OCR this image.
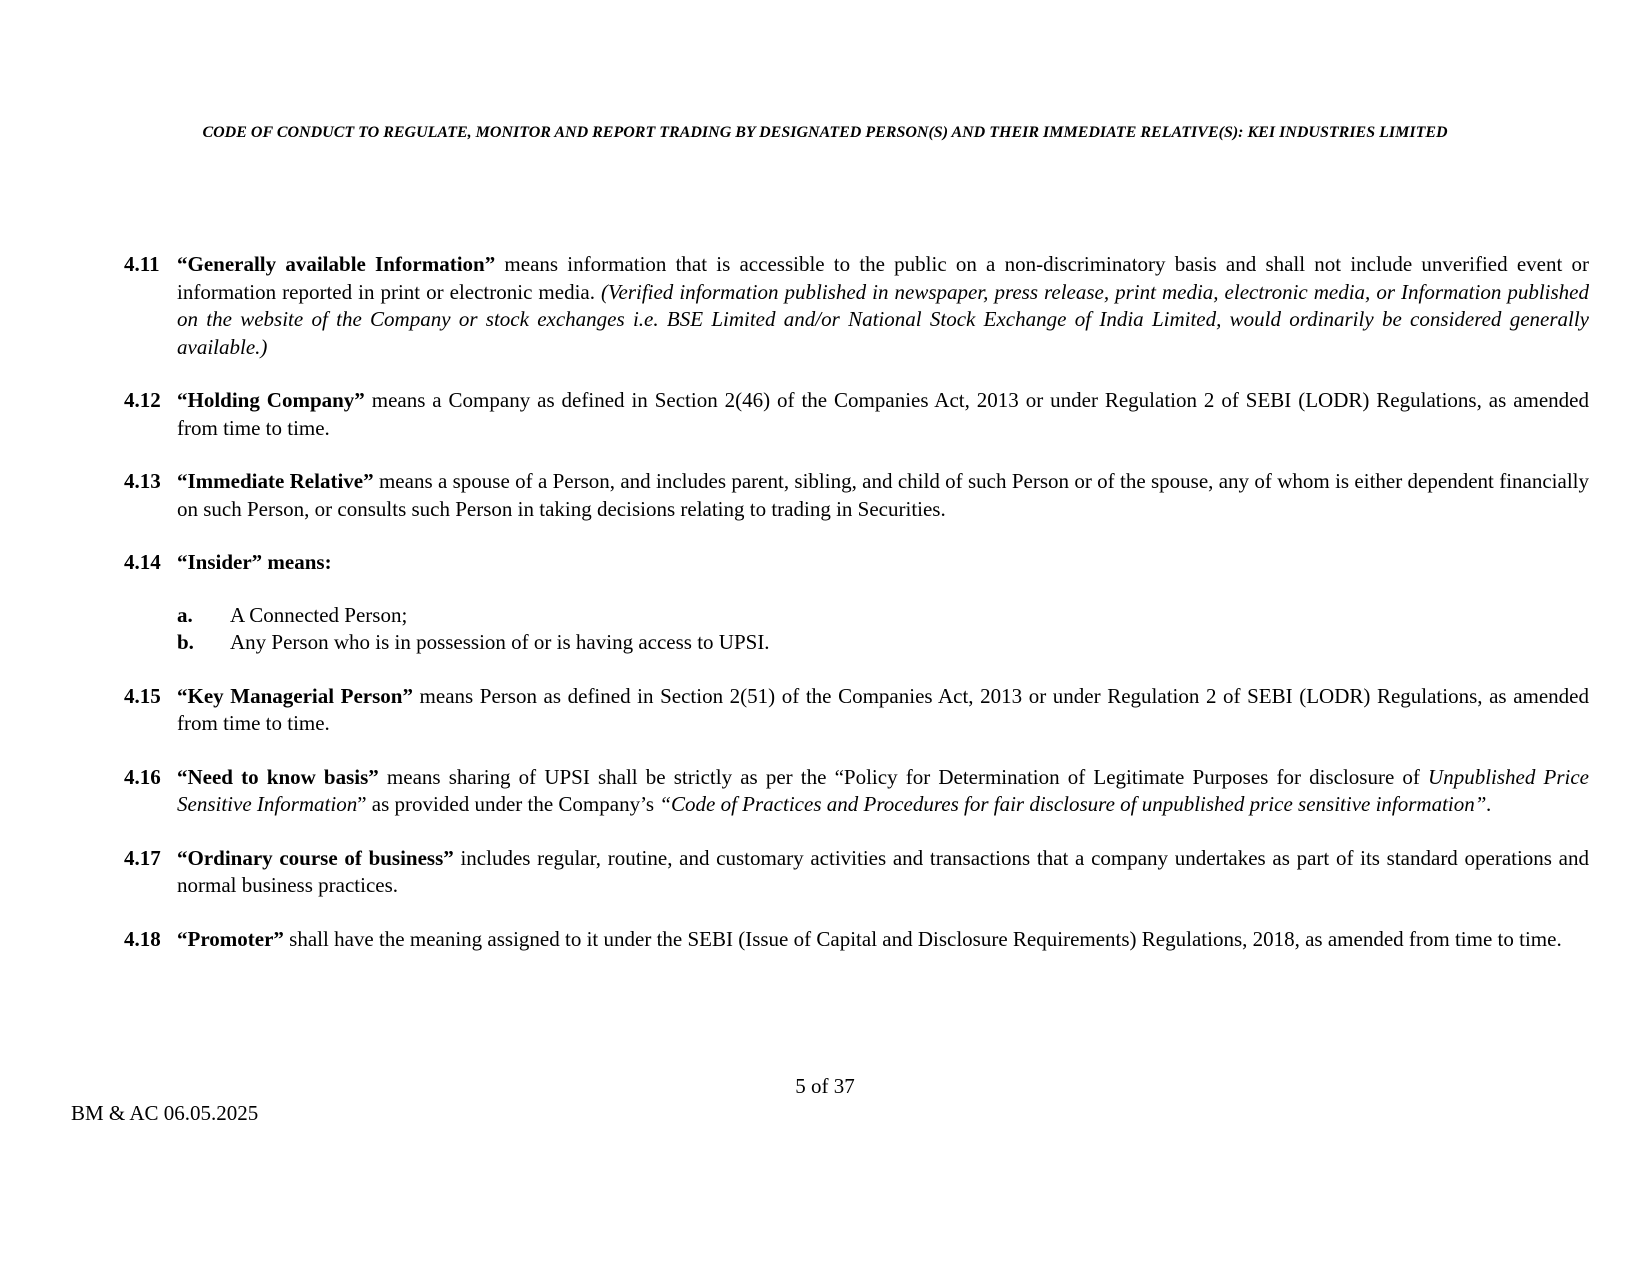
CODE OF CONDUCT TO REGULATE, MONITOR AND REPORT TRADING BY DESIGNATED PERSON(S) AND THEIR IMMEDIATE RELATIVE(S): KEI INDUSTRIES LIMITED
4.11 “Generally available Information” means information that is accessible to the public on a non-discriminatory basis and shall not include unverified event or information reported in print or electronic media. (Verified information published in newspaper, press release, print media, electronic media, or Information published on the website of the Company or stock exchanges i.e. BSE Limited and/or National Stock Exchange of India Limited, would ordinarily be considered generally available.)
4.12 “Holding Company” means a Company as defined in Section 2(46) of the Companies Act, 2013 or under Regulation 2 of SEBI (LODR) Regulations, as amended from time to time.
4.13 “Immediate Relative” means a spouse of a Person, and includes parent, sibling, and child of such Person or of the spouse, any of whom is either dependent financially on such Person, or consults such Person in taking decisions relating to trading in Securities.
4.14 “Insider” means:
a.	A Connected Person;
b.	Any Person who is in possession of or is having access to UPSI.
4.15 “Key Managerial Person” means Person as defined in Section 2(51) of the Companies Act, 2013 or under Regulation 2 of SEBI (LODR) Regulations, as amended from time to time.
4.16 “Need to know basis” means sharing of UPSI shall be strictly as per the “Policy for Determination of Legitimate Purposes for disclosure of Unpublished Price Sensitive Information” as provided under the Company’s “Code of Practices and Procedures for fair disclosure of unpublished price sensitive information”.
4.17 “Ordinary course of business” includes regular, routine, and customary activities and transactions that a company undertakes as part of its standard operations and normal business practices.
4.18 “Promoter” shall have the meaning assigned to it under the SEBI (Issue of Capital and Disclosure Requirements) Regulations, 2018, as amended from time to time.
5 of 37
BM & AC 06.05.2025
